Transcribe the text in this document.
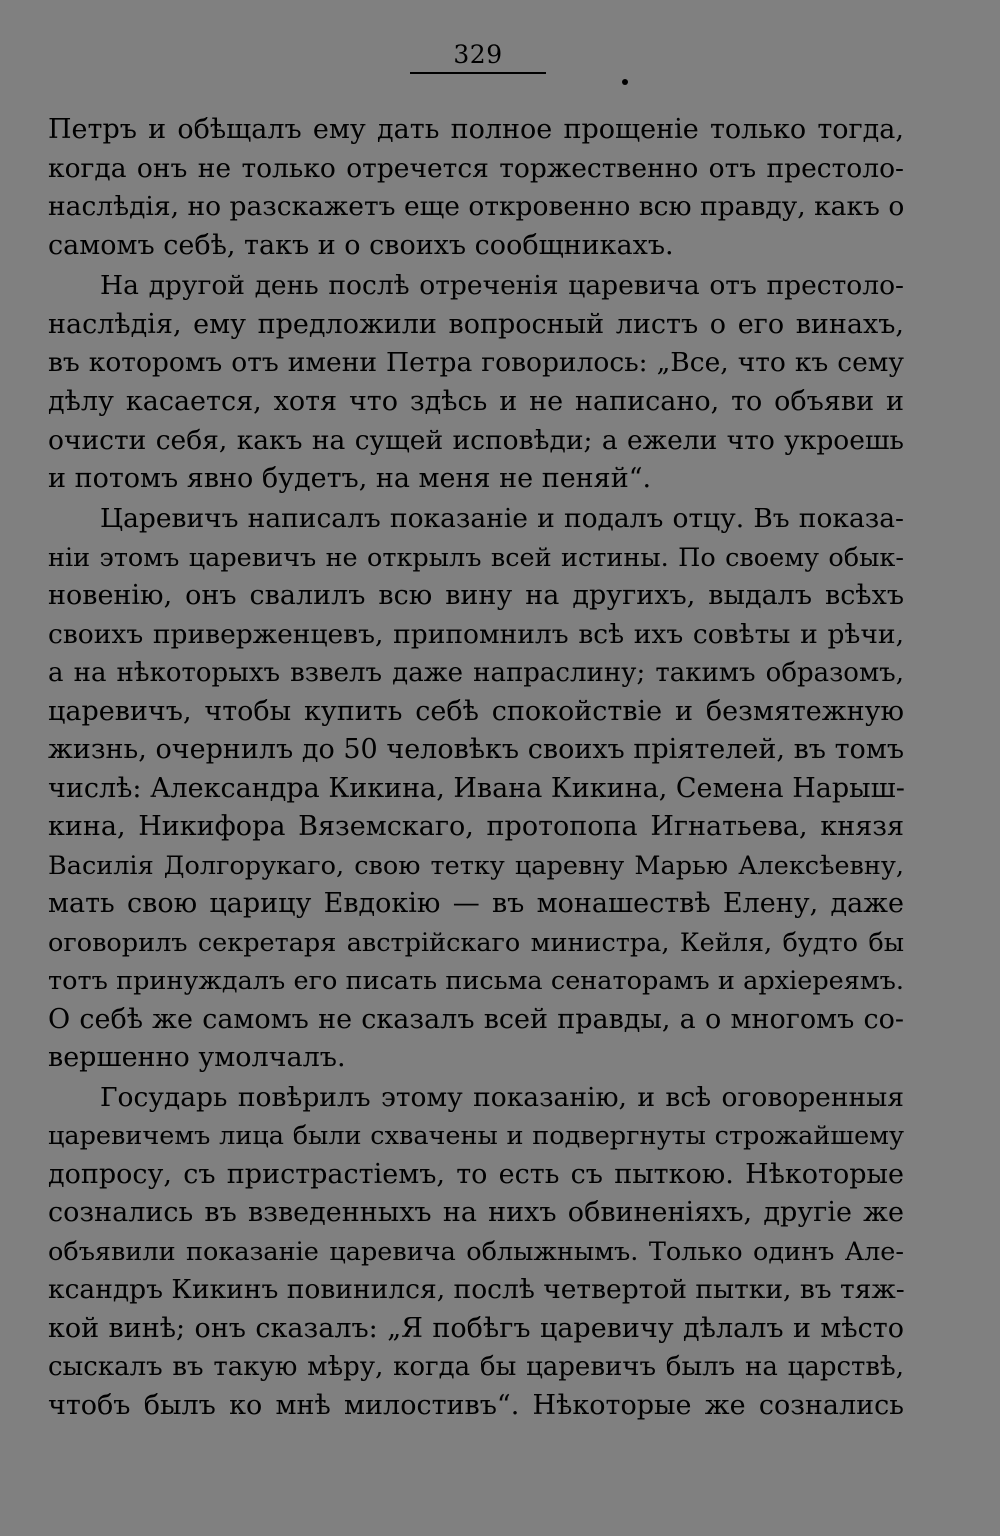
329
Петръ и обѣщалъ ему дать полное прощеніе только тогда,
когда онъ не только отречется торжественно отъ престоло-
наслѣдія, но разскажетъ еще откровенно всю правду, какъ о
самомъ себѣ, такъ и о своихъ сообщникахъ.
На другой день послѣ отреченія царевича отъ престоло-
наслѣдія, ему предложили вопросный листъ о его винахъ,
въ которомъ отъ имени Петра говорилось: „Все, что къ сему
дѣлу касается, хотя что здѣсь и не написано, то объяви и
очисти себя, какъ на сущей исповѣди; а ежели что укроешь
и потомъ явно будетъ, на меня не пеняй“.
Царевичъ написалъ показаніе и подалъ отцу. Въ показа-
ніи этомъ царевичъ не открылъ всей истины. По своему обык-
новенію, онъ свалилъ всю вину на другихъ, выдалъ всѣхъ
своихъ приверженцевъ, припомнилъ всѣ ихъ совѣты и рѣчи,
а на нѣкоторыхъ взвелъ даже напраслину; такимъ образомъ,
царевичъ, чтобы купить себѣ спокойствіе и безмятежную
жизнь, очернилъ до 50 человѣкъ своихъ пріятелей, въ томъ
числѣ: Александра Кикина, Ивана Кикина, Семена Нарыш-
кина, Никифора Вяземскаго, протопопа Игнатьева, князя
Василія Долгорукаго, свою тетку царевну Марью Алексѣевну,
мать свою царицу Евдокію — въ монашествѣ Елену, даже
оговорилъ секретаря австрійскаго министра, Кейля, будто бы
тотъ принуждалъ его писать письма сенаторамъ и архіереямъ.
О себѣ же самомъ не сказалъ всей правды, а о многомъ со-
вершенно умолчалъ.
Государь повѣрилъ этому показанію, и всѣ оговоренныя
царевичемъ лица были схвачены и подвергнуты строжайшему
допросу, съ пристрастіемъ, то есть съ пыткою. Нѣкоторые
сознались въ взведенныхъ на нихъ обвиненіяхъ, другіе же
объявили показаніе царевича облыжнымъ. Только одинъ Але-
ксандръ Кикинъ повинился, послѣ четвертой пытки, въ тяж-
кой винѣ; онъ сказалъ: „Я побѣгъ царевичу дѣлалъ и мѣсто
сыскалъ въ такую мѣру, когда бы царевичъ былъ на царствѣ,
чтобъ былъ ко мнѣ милостивъ“. Нѣкоторые же сознались
